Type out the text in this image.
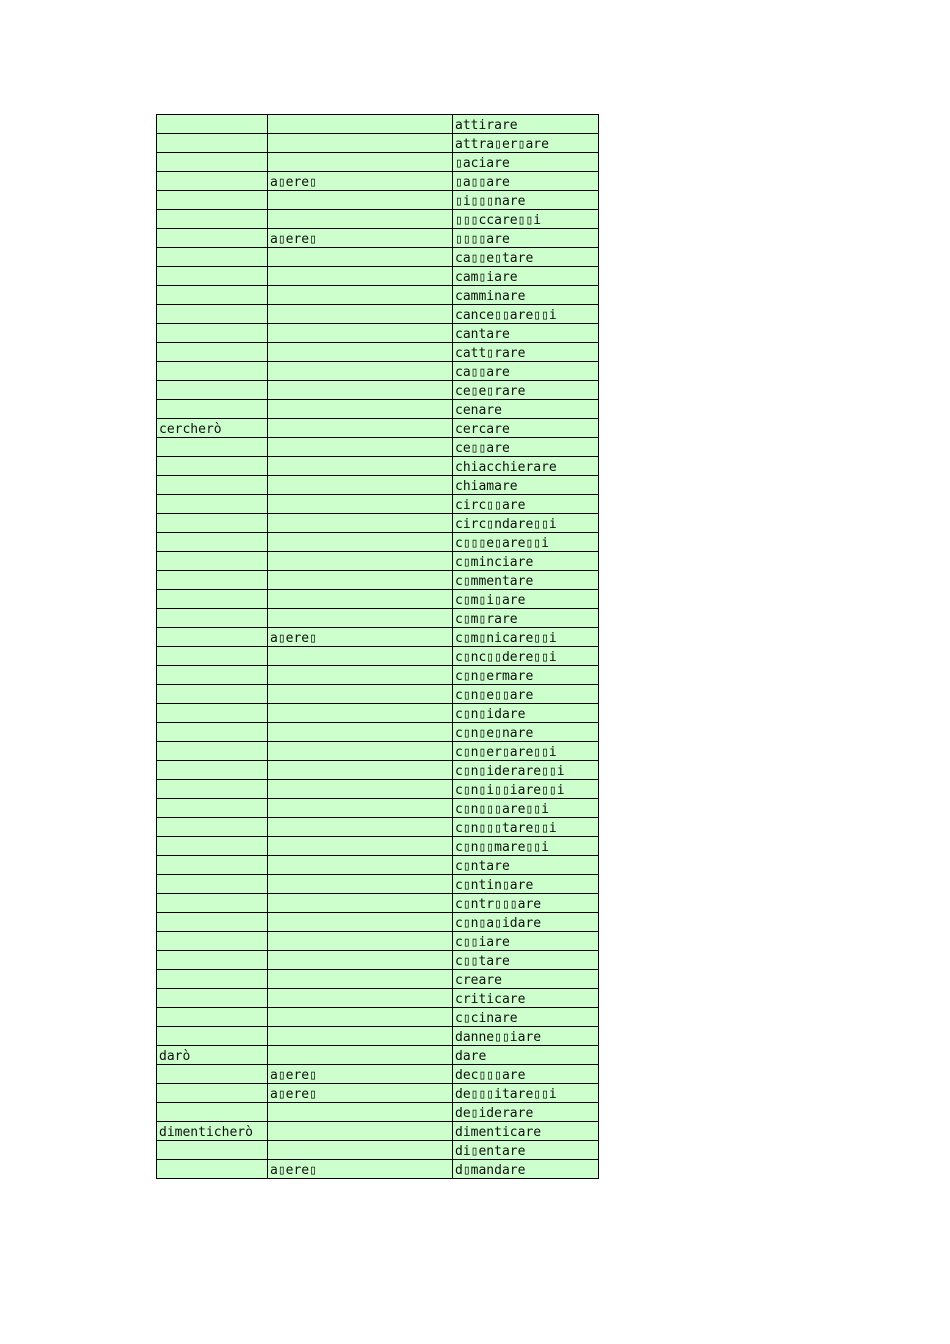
		attirare
		attra▯er▯are
		▯aciare
	a▯ere▯	▯a▯▯are
		▯i▯▯▯nare
		▯▯▯ccare▯▯i
	a▯ere▯	▯▯▯▯are
		ca▯▯e▯tare
		cam▯iare
		camminare
		cance▯▯are▯▯i
		cantare
		catt▯rare
		ca▯▯are
		ce▯e▯rare
		cenare
cercherò		cercare
		ce▯▯are
		chiacchierare
		chiamare
		circ▯▯are
		circ▯ndare▯▯i
		c▯▯▯e▯are▯▯i
		c▯minciare
		c▯mmentare
		c▯m▯i▯are
		c▯m▯rare
	a▯ere▯	c▯m▯nicare▯▯i
		c▯nc▯▯dere▯▯i
		c▯n▯ermare
		c▯n▯e▯▯are
		c▯n▯idare
		c▯n▯e▯nare
		c▯n▯er▯are▯▯i
		c▯n▯iderare▯▯i
		c▯n▯i▯▯iare▯▯i
		c▯n▯▯▯are▯▯i
		c▯n▯▯▯tare▯▯i
		c▯n▯▯mare▯▯i
		c▯ntare
		c▯ntin▯are
		c▯ntr▯▯▯are
		c▯n▯a▯idare
		c▯▯iare
		c▯▯tare
		creare
		criticare
		c▯cinare
		danne▯▯iare
darò		dare
	a▯ere▯	dec▯▯▯are
	a▯ere▯	de▯▯▯itare▯▯i
		de▯iderare
dimenticherò		dimenticare
		di▯entare
	a▯ere▯	d▯mandare
